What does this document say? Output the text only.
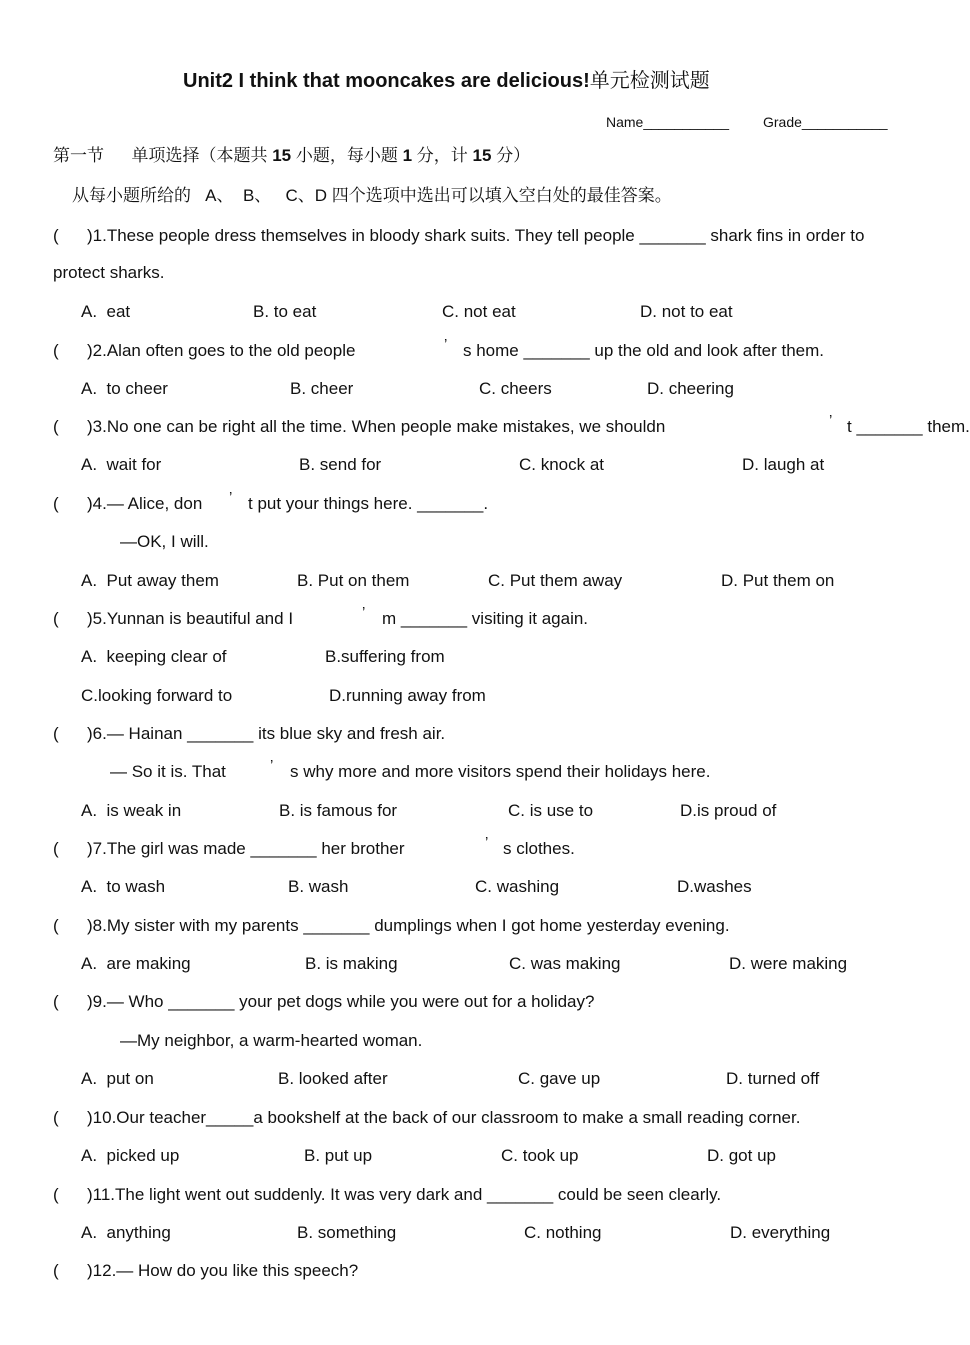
Unit2 I think that mooncakes are delicious!单元检测试题
Name___________ Grade___________
第一节 单项选择（本题共 15 小题，每小题 1 分，计 15 分）
从每小题所给的   A、  B、   C、D 四个选项中选出可以填入空白处的最佳答案。
(      )1.These people dress themselves in bloody shark suits. They tell people _______ shark fins in order to
protect sharks.
A.  eat	B. to eat	C. not eat	D. not to eat
(      )2.Alan often goes to the old people	’ s home _______ up the old and look after them.
A.  to cheer	B. cheer	C. cheers	D. cheering
(      )3.No one can be right all the time. When people make mistakes, we shouldn	’ t _______ them.
A.  wait for	B. send for	C. knock at	D. laugh at
(      )4.— Alice, don ’ t put your things here. _______.
—OK, I will.
A.  Put away them	B. Put on them	C. Put them away	D. Put them on
(      )5.Yunnan is beautiful and I	’ m _______ visiting it again.
A.  keeping clear of	B.suffering from
C.looking forward to	D.running away from
(      )6.— Hainan _______ its blue sky and fresh air.
— So it is. That	’ s why more and more visitors spend their holidays here.
A.  is weak in	B. is famous for	C. is use to	D.is proud of
(      )7.The girl was made _______ her brother	’ s clothes.
A.  to wash	B. wash	C. washing	D.washes
(      )8.My sister with my parents _______ dumplings when I got home yesterday evening.
A.  are making	B. is making	C. was making	D. were making
(      )9.— Who _______ your pet dogs while you were out for a holiday?
—My neighbor, a warm-hearted woman.
A.  put on	B. looked after	C. gave up	D. turned off
(      )10.Our teacher_____a bookshelf at the back of our classroom to make a small reading corner.
A.  picked up	B. put up	C. took up	D. got up
(      )11.The light went out suddenly. It was very dark and _______ could be seen clearly.
A.  anything	B. something	C. nothing	D. everything
(      )12.— How do you like this speech?
